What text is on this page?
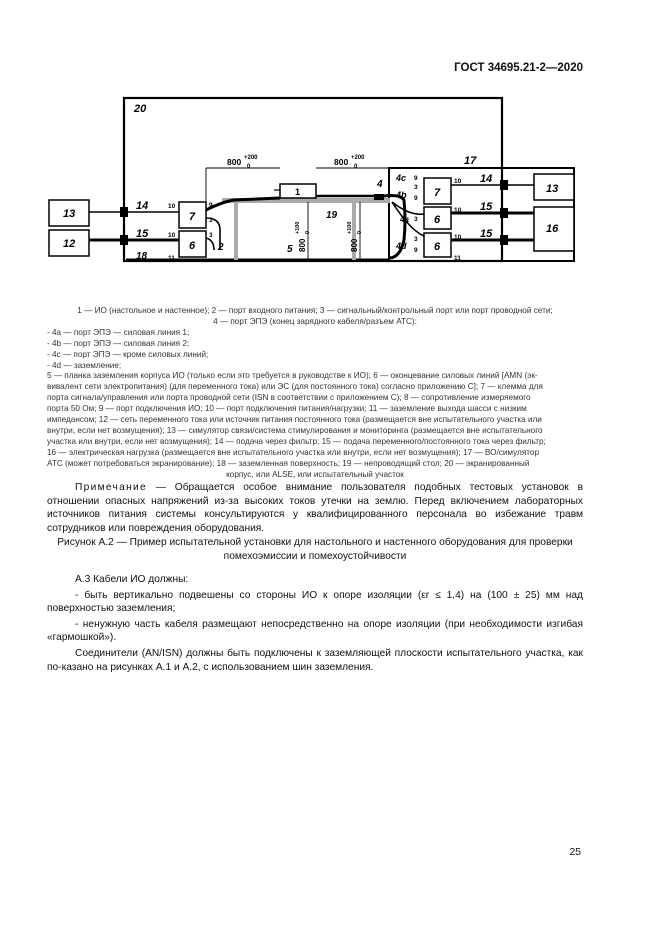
ГОСТ 34695.21-2—2020
20
17
18
19
1
13
12
14
15
7
6
10
10
11
9
3
3
2	5
800 +200
0	800 +200
0
800
+100 0
800
+100 0
4
4c
4b
4a
4d
9
3
9
3
3
9
7
6
6
10
10
10
11
14
15
15
13
16

1 — ИО (настольное и настенное); 2 — порт входного питания; 3 — сигнальный/контрольный порт или порт проводной сети;

4 — порт ЭПЭ (конец зарядного кабеля/разъем АТС):

- 4a — порт ЭПЭ — силовая линия 1;

- 4b — порт ЭПЭ — силовая линия 2;

- 4c — порт ЭПЭ — кроме силовых линий;

- 4d — заземление;

5 — планка заземления корпуса ИО (только если это требуется в руководстве к ИО); 6 — оконцевание силовых линий [AMN (эк-

вивалент сети электропитания) (для переменного тока) или ЭС (для постоянного тока) согласно приложению С]; 7 — клемма для

порта сигнала/управления или порта проводной сети (ISN в соответствии с приложением С); 8 — сопротивление измеряемого

порта 50 Ом; 9 — порт подключения ИО; 10 — порт подключения питания/нагрузки; 11 — заземление выхода шасси с низким

импедансом; 12 — сеть переменного тока или источник питания постоянного тока (размещается вне испытательного участка или

внутри, если нет возмущения); 13 — симулятор связи/система стимулирования и мониторинга (размещается вне испытательного

участка или внутри, если нет возмущения); 14 — подача через фильтр; 15 — подача переменного/постоянного тока через фильтр;

16 — электрическая нагрузка (размещается вне испытательного участка или внутри, если нет возмущения); 17 — ВО/симулятор

АТС (может потребоваться экранирование); 18 — заземленная поверхность; 19 — непроводящий стол; 20 — экранированный

корпус, или ALSE, или испытательный участок

Примечание — Обращается особое внимание пользователя подобных тестовых установок в отношении опасных напряжений из-за высоких токов утечки на землю. Перед включением лабораторных источников питания системы консультируются у квалифицированного персонала во избежание травм сотрудников или повреждения оборудования.

Рисунок А.2 — Пример испытательной установки для настольного и настенного оборудования для проверки

помехоэмиссии и помехоустойчивости

А.3 Кабели ИО должны:

- быть вертикально подвешены со стороны ИО к опоре изоляции (εr ≤ 1,4) на (100 ± 25) мм над поверхностью заземления;

- ненужную часть кабеля размещают непосредственно на опоре изоляции (при необходимости изгибая «гармошкой»).

Соединители (AN/ISN) должны быть подключены к заземляющей плоскости испытательного участка, как по-казано на рисунках А.1 и А.2, с использованием шин заземления.

25
